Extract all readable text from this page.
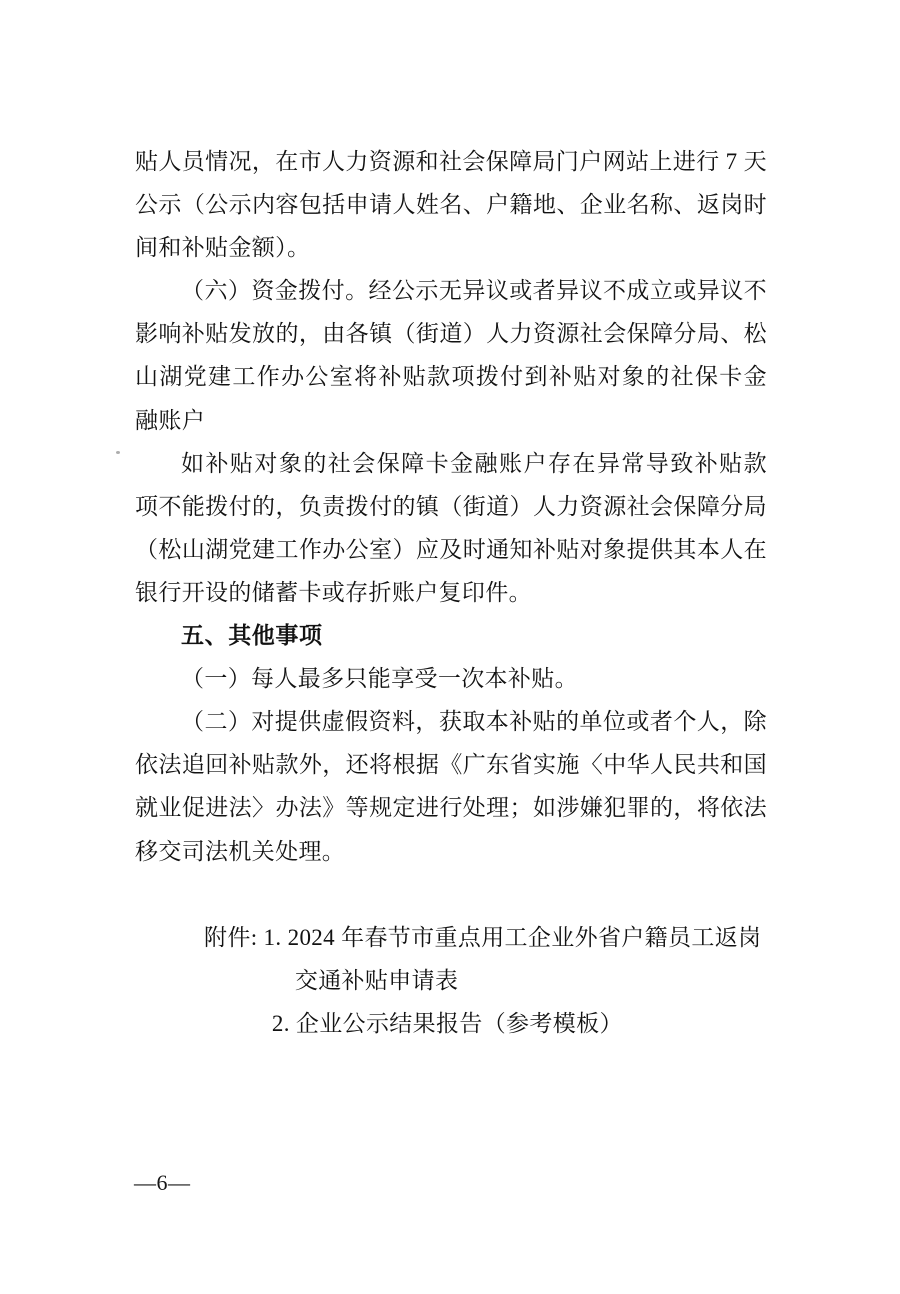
贴人员情况，在市人力资源和社会保障局门户网站上进行 7 天
公示（公示内容包括申请人姓名、户籍地、企业名称、返岗时
间和补贴金额）。
（六）资金拨付。经公示无异议或者异议不成立或异议不
影响补贴发放的，由各镇（街道）人力资源社会保障分局、松
山湖党建工作办公室将补贴款项拨付到补贴对象的社保卡金
融账户
如补贴对象的社会保障卡金融账户存在异常导致补贴款
项不能拨付的，负责拨付的镇（街道）人力资源社会保障分局
（松山湖党建工作办公室）应及时通知补贴对象提供其本人在
银行开设的储蓄卡或存折账户复印件。
五、其他事项
（一）每人最多只能享受一次本补贴。
（二）对提供虚假资料，获取本补贴的单位或者个人，除
依法追回补贴款外，还将根据《广东省实施〈中华人民共和国
就业促进法〉办法》等规定进行处理；如涉嫌犯罪的，将依法
移交司法机关处理。
附件: 1. 2024 年春节市重点用工企业外省户籍员工返岗
交通补贴申请表
2. 企业公示结果报告（参考模板）
—6—
